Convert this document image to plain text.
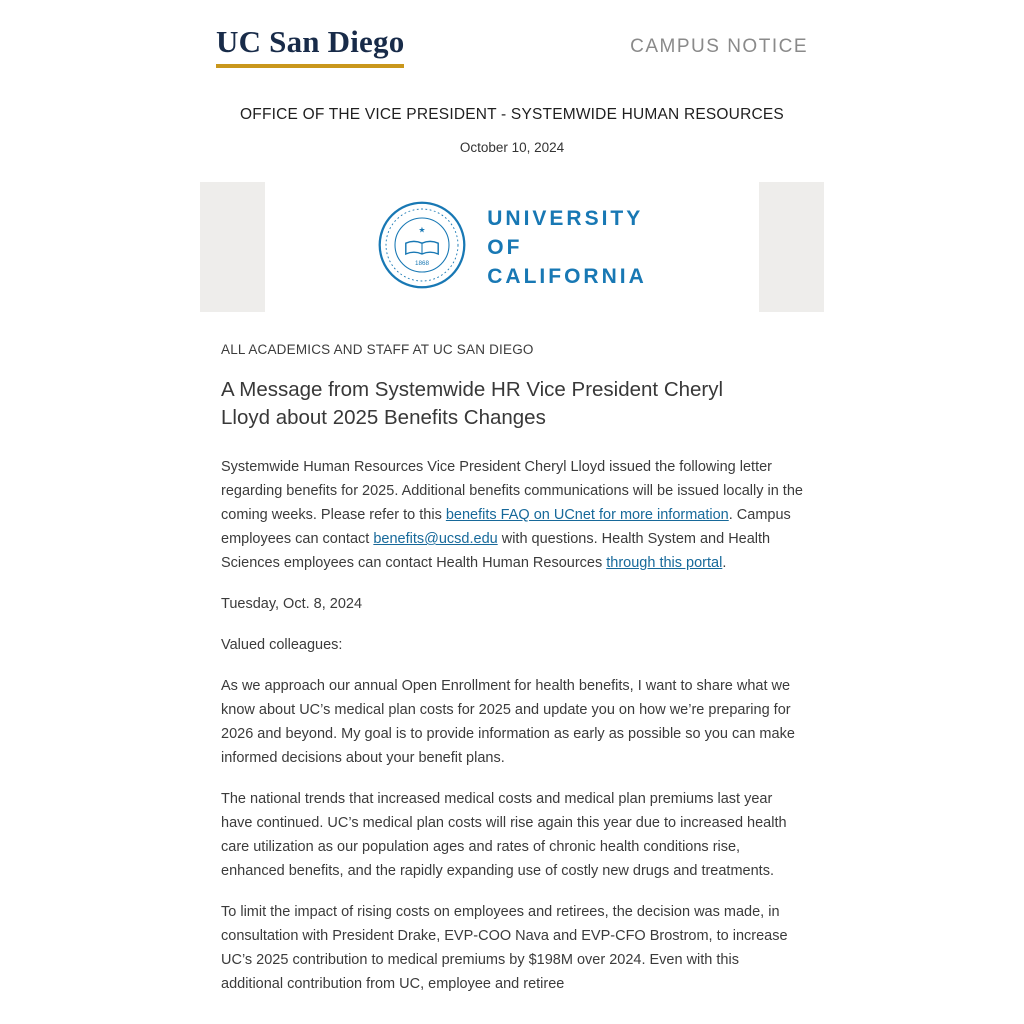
UC San Diego	CAMPUS NOTICE
OFFICE OF THE VICE PRESIDENT - SYSTEMWIDE HUMAN RESOURCES
October 10, 2024
★
1868
UNIVERSITY
OF
CALIFORNIA

ALL ACADEMICS AND STAFF AT UC SAN DIEGO

A Message from Systemwide HR Vice President Cheryl Lloyd about 2025 Benefits Changes

Systemwide Human Resources Vice President Cheryl Lloyd issued the following letter regarding benefits for 2025. Additional benefits communications will be issued locally in the coming weeks. Please refer to this benefits FAQ on UCnet for more information. Campus employees can contact benefits@ucsd.edu with questions. Health System and Health Sciences employees can contact Health Human Resources through this portal.

Tuesday, Oct. 8, 2024

Valued colleagues:

As we approach our annual Open Enrollment for health benefits, I want to share what we know about UC’s medical plan costs for 2025 and update you on how we’re preparing for 2026 and beyond. My goal is to provide information as early as possible so you can make informed decisions about your benefit plans.

The national trends that increased medical costs and medical plan premiums last year have continued. UC’s medical plan costs will rise again this year due to increased health care utilization as our population ages and rates of chronic health conditions rise, enhanced benefits, and the rapidly expanding use of costly new drugs and treatments.

To limit the impact of rising costs on employees and retirees, the decision was made, in consultation with President Drake, EVP-COO Nava and EVP-CFO Brostrom, to increase UC’s 2025 contribution to medical premiums by $198M over 2024. Even with this additional contribution from UC, employee and retiree
